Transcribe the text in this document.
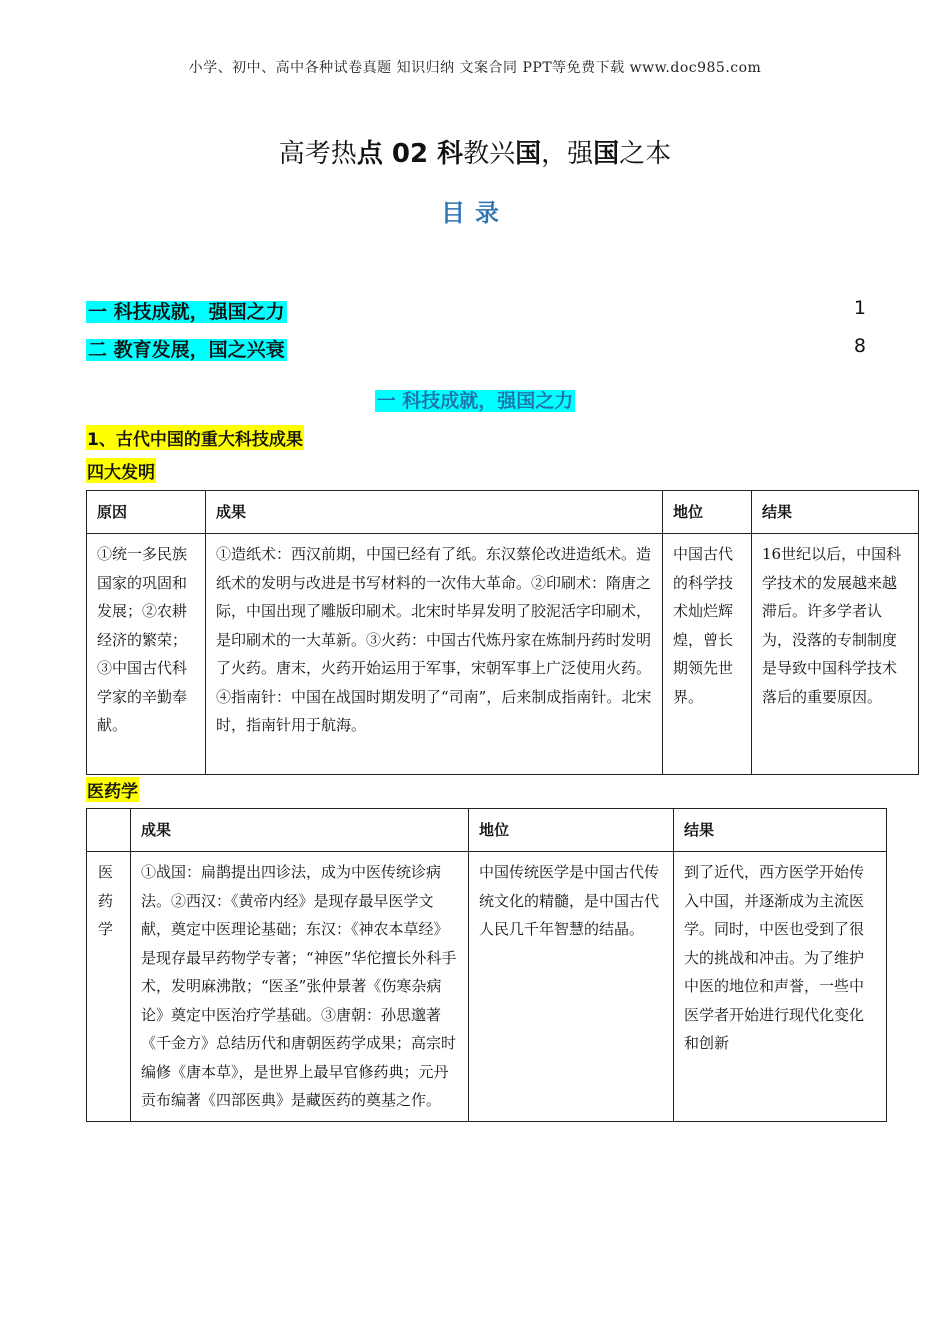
小学、初中、高中各种试卷真题 知识归纳 文案合同 PPT等免费下载 www.doc985.com
高考热点 02 科教兴国，强国之本
目录
一 科技成就，强国之力	1
二 教育发展，国之兴衰	8
一 科技成就，强国之力
1、古代中国的重大科技成果
四大发明
原因	成果	地位	结果
①统一多民族国家的巩固和发展；②农耕经济的繁荣；③中国古代科学家的辛勤奉献。	①造纸术：西汉前期，中国已经有了纸。东汉蔡伦改进造纸术。造纸术的发明与改进是书写材料的一次伟大革命。②印刷术：隋唐之际，中国出现了雕版印刷术。北宋时毕昇发明了胶泥活字印刷术，是印刷术的一大革新。③火药：中国古代炼丹家在炼制丹药时发明了火药。唐末，火药开始运用于军事，宋朝军事上广泛使用火药。④指南针：中国在战国时期发明了“司南”，后来制成指南针。北宋时，指南针用于航海。	中国古代的科学技术灿烂辉煌，曾长期领先世界。	16世纪以后，中国科学技术的发展越来越滞后。许多学者认为，没落的专制制度是导致中国科学技术落后的重要原因。
医药学
	成果	地位	结果
医药学	①战国：扁鹊提出四诊法，成为中医传统诊病法。②西汉：《黄帝内经》是现存最早医学文献，奠定中医理论基础；东汉：《神农本草经》是现存最早药物学专著；“神医”华佗擅长外科手术，发明麻沸散；“医圣”张仲景著《伤寒杂病论》奠定中医治疗学基础。③唐朝：孙思邈著《千金方》总结历代和唐朝医药学成果；高宗时编修《唐本草》，是世界上最早官修药典；元丹贡布编著《四部医典》是藏医药的奠基之作。	中国传统医学是中国古代传统文化的精髓，是中国古代人民几千年智慧的结晶。	到了近代，西方医学开始传入中国，并逐渐成为主流医学。同时，中医也受到了很大的挑战和冲击。为了维护中医的地位和声誉，一些中医学者开始进行现代化变化和创新
